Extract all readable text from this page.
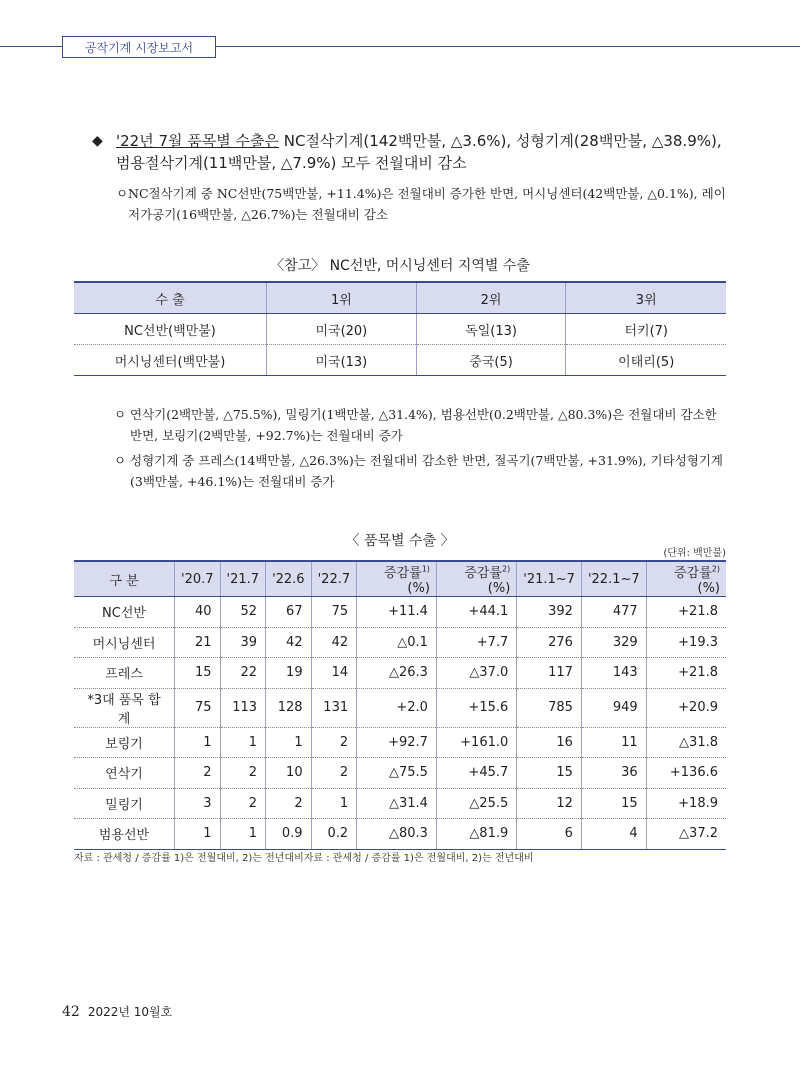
공작기계 시장보고서
◆ '22년 7월 품목별 수출은 NC절삭기계(142백만불, △3.6%), 성형기계(28백만불, △38.9%), 범용절삭기계(11백만불, △7.9%) 모두 전월대비 감소
ㅇ NC절삭기계 중 NC선반(75백만불, +11.4%)은 전월대비 증가한 반면, 머시닝센터(42백만불, △0.1%), 레이저가공기(16백만불, △26.7%)는 전월대비 감소
〈참고〉 NC선반, 머시닝센터 지역별 수출
수 출	1위	2위	3위
NC선반(백만불)	미국(20)	독일(13)	터키(7)
머시닝센터(백만불)	미국(13)	중국(5)	이태리(5)
ㅇ 연삭기(2백만불, △75.5%), 밀링기(1백만불, △31.4%), 범용선반(0.2백만불, △80.3%)은 전월대비 감소한 반면, 보링기(2백만불, +92.7%)는 전월대비 증가
ㅇ 성형기계 중 프레스(14백만불, △26.3%)는 전월대비 감소한 반면, 절곡기(7백만불, +31.9%), 기타성형기계(3백만불, +46.1%)는 전월대비 증가
〈 품목별 수출 〉
(단위: 백만불)
구 분	'20.7	'21.7	'22.6	'22.7	증감률$^{1)}$(%)	증감률$^{2)}$(%)	'21.1~7	'22.1~7	증감률$^{2)}$(%)
NC선반	40	52	67	75	+11.4	+44.1	392	477	+21.8
머시닝센터	21	39	42	42	△0.1	+7.7	276	329	+19.3
프레스	15	22	19	14	△26.3	△37.0	117	143	+21.8
*3대 품목 합계	75	113	128	131	+2.0	+15.6	785	949	+20.9
보링기	1	1	1	2	+92.7	+161.0	16	11	△31.8
연삭기	2	2	10	2	△75.5	+45.7	15	36	+136.6
밀링기	3	2	2	1	△31.4	△25.5	12	15	+18.9
범용선반	1	1	0.9	0.2	△80.3	△81.9	6	4	△37.2
자료 : 관세청 / 증감률 1)은 전월대비, 2)는 전년대비자료 : 관세청 / 증감률 1)은 전월대비, 2)는 전년대비
42 2022년 10월호
